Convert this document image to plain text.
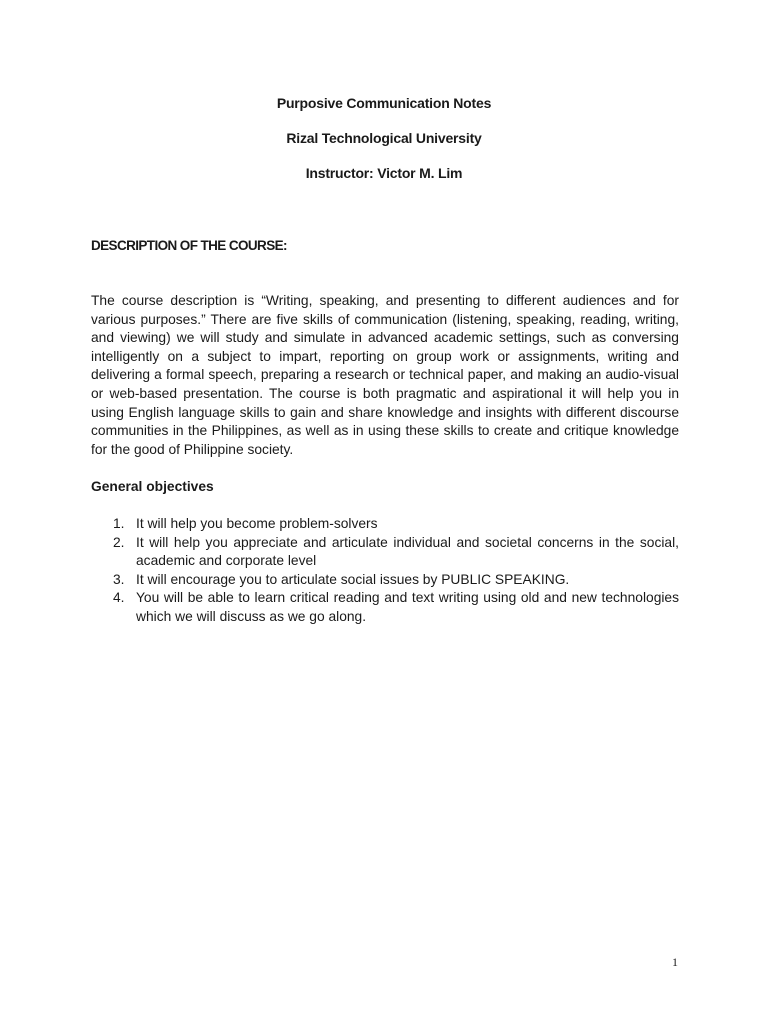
Purposive Communication Notes
Rizal Technological University
Instructor: Victor M. Lim
DESCRIPTION OF THE COURSE:

The course description is “Writing, speaking, and presenting to different audiences and for various purposes.” There are five skills of communication (listening, speaking, reading, writing, and viewing) we will study and simulate in advanced academic settings, such as conversing intelligently on a subject to impart, reporting on group work or assignments, writing and delivering a formal speech, preparing a research or technical paper, and making an audio-visual or web-based presentation. The course is both pragmatic and aspirational it will help you in using English language skills to gain and share knowledge and insights with different discourse communities in the Philippines, as well as in using these skills to create and critique knowledge for the good of Philippine society.

General objectives
1. It will help you become problem-solvers
2. It will help you appreciate and articulate individual and societal concerns in the social, academic and corporate level
3. It will encourage you to articulate social issues by PUBLIC SPEAKING.
4. You will be able to learn critical reading and text writing using old and new technologies which we will discuss as we go along.
1
